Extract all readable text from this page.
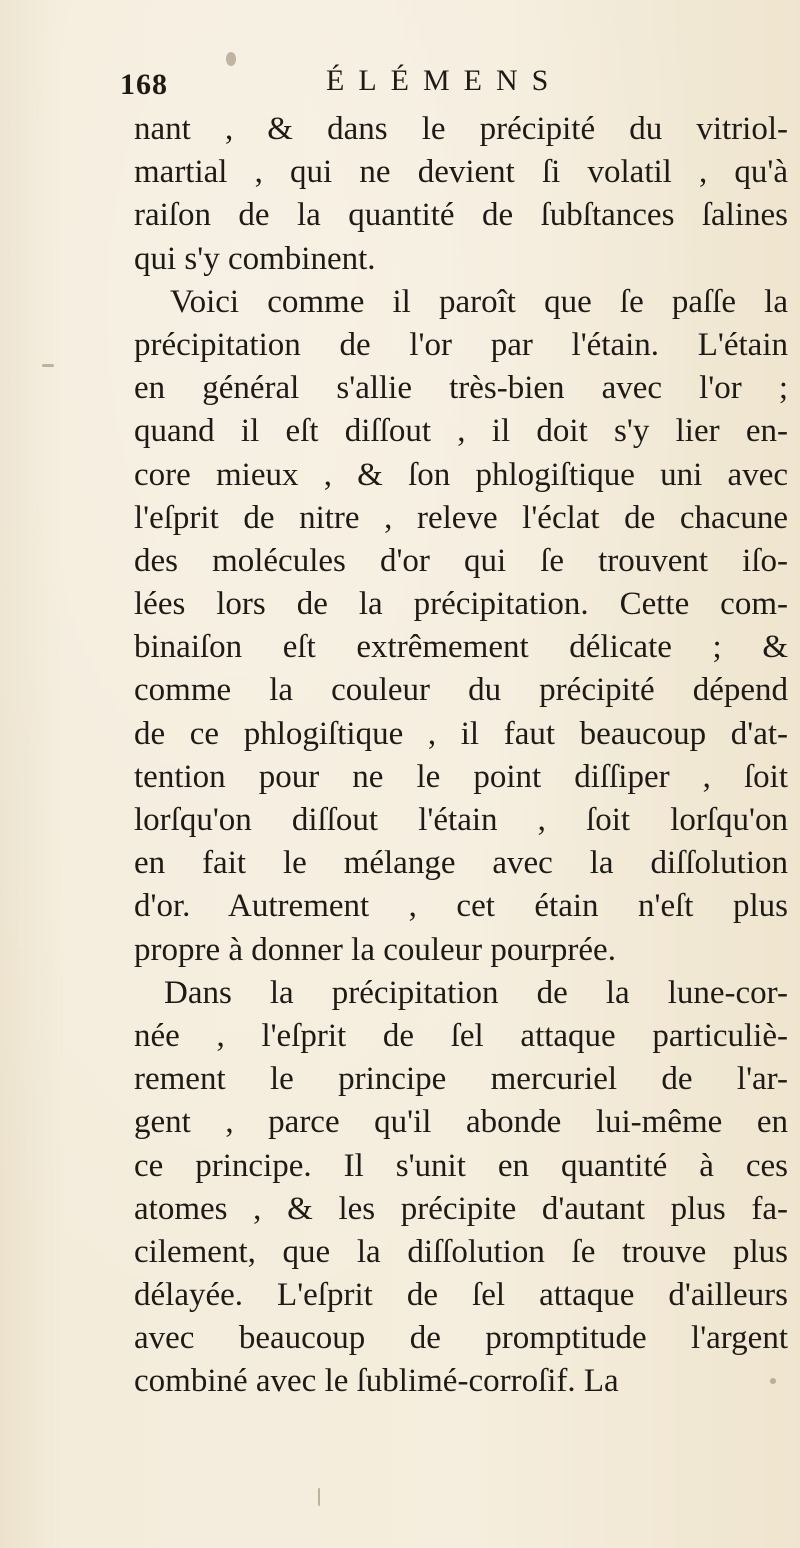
168	ÉLÉMENS
nant , & dans le précipité du vitriol-
martial , qui ne devient ſi volatil , qu'à
raiſon de la quantité de ſubſtances ſalines
qui s'y combinent.
Voici comme il paroît que ſe paſſe la
précipitation de l'or par l'étain. L'étain
en général s'allie très-bien avec l'or ;
quand il eſt diſſout , il doit s'y lier en-
core mieux , & ſon phlogiſtique uni avec
l'eſprit de nitre , releve l'éclat de chacune
des molécules d'or qui ſe trouvent iſo-
lées lors de la précipitation. Cette com-
binaiſon eſt extrêmement délicate ; &
comme la couleur du précipité dépend
de ce phlogiſtique , il faut beaucoup d'at-
tention pour ne le point diſſiper , ſoit
lorſqu'on diſſout l'étain , ſoit lorſqu'on
en fait le mélange avec la diſſolution
d'or. Autrement , cet étain n'eſt plus
propre à donner la couleur pourprée.
Dans la précipitation de la lune-cor-
née , l'eſprit de ſel attaque particuliè-
rement le principe mercuriel de l'ar-
gent , parce qu'il abonde lui-même en
ce principe. Il s'unit en quantité à ces
atomes , & les précipite d'autant plus fa-
cilement, que la diſſolution ſe trouve plus
délayée. L'eſprit de ſel attaque d'ailleurs
avec beaucoup de promptitude l'argent
combiné avec le ſublimé-corroſif. La
